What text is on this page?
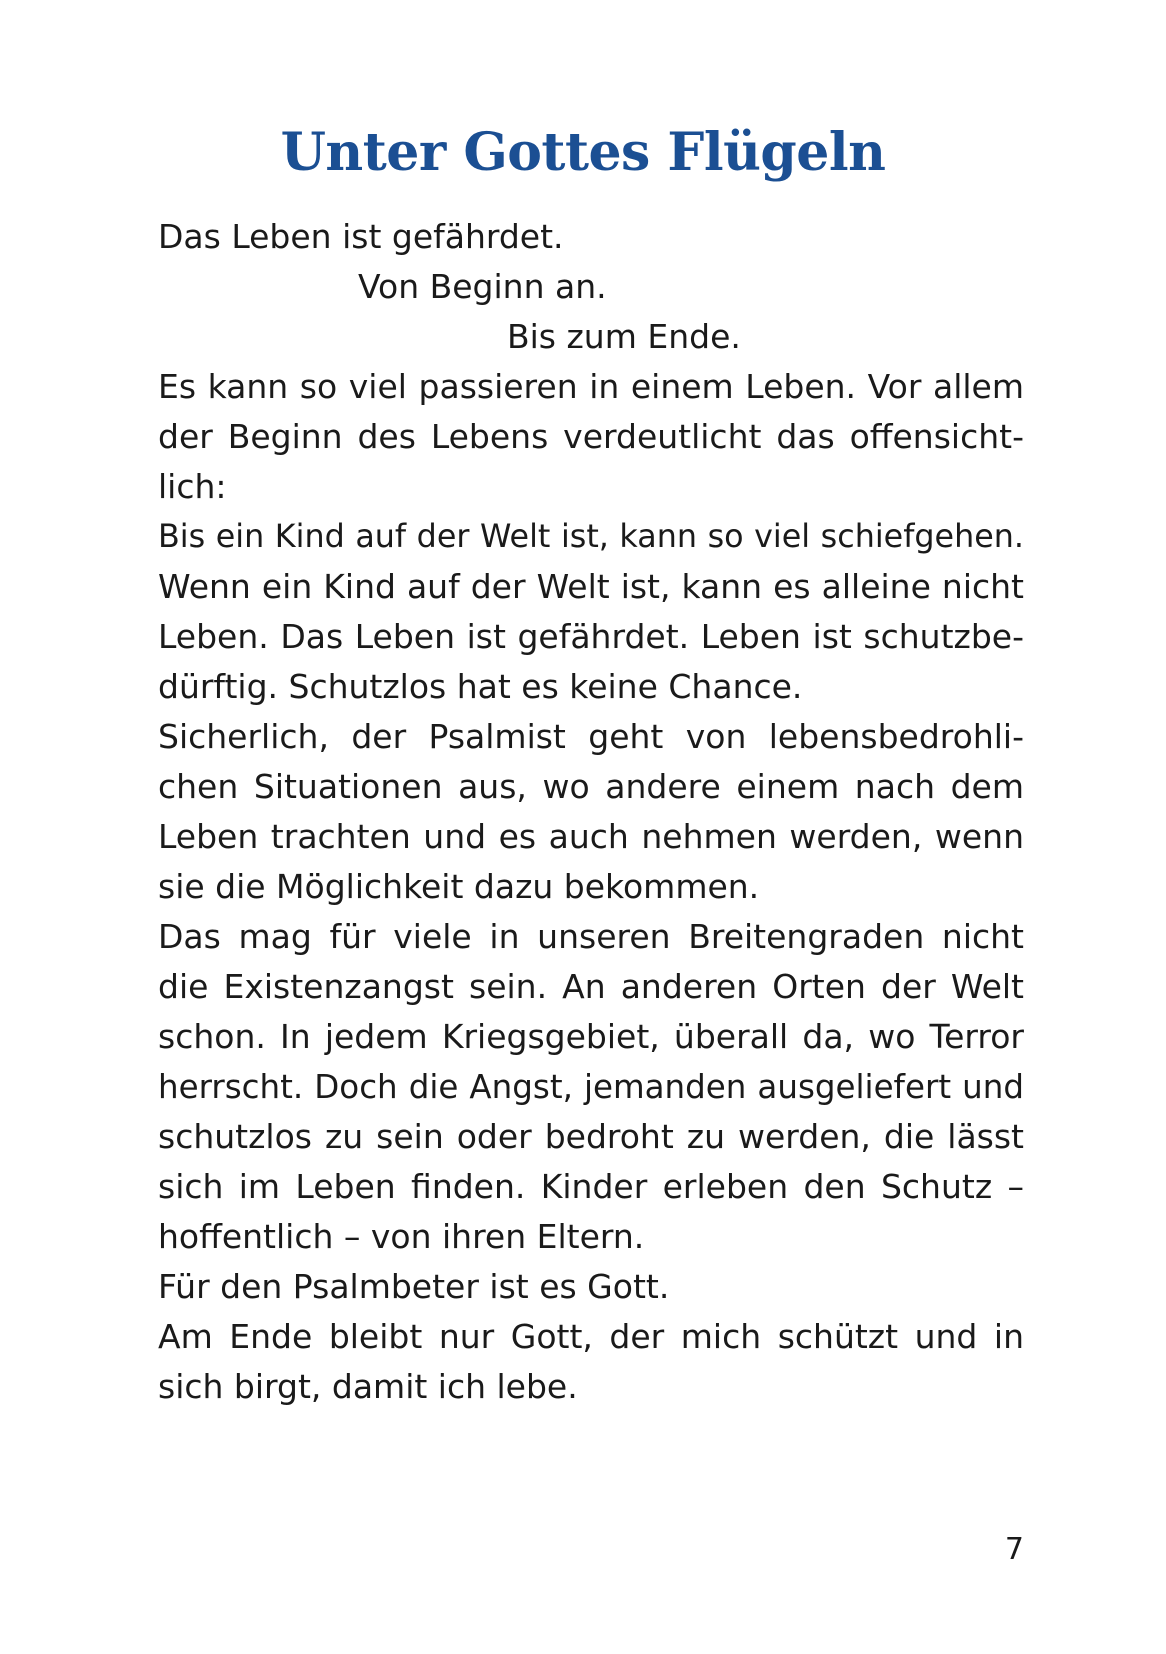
Unter Gottes Flügeln
Das Leben ist gefährdet.
Von Beginn an.
Bis zum Ende.
Es kann so viel passieren in einem Leben. Vor allem
der Beginn des Lebens verdeutlicht das offensicht-
lich:
Bis ein Kind auf der Welt ist, kann so viel schiefgehen.
Wenn ein Kind auf der Welt ist, kann es alleine nicht
Leben. Das Leben ist gefährdet. Leben ist schutzbe-
dürftig. Schutzlos hat es keine Chance.
Sicherlich, der Psalmist geht von lebensbedrohli-
chen Situationen aus, wo andere einem nach dem
Leben trachten und es auch nehmen werden, wenn
sie die Möglichkeit dazu bekommen.
Das mag für viele in unseren Breitengraden nicht
die Existenzangst sein. An anderen Orten der Welt
schon. In jedem Kriegsgebiet, überall da, wo Terror
herrscht. Doch die Angst, jemanden ausgeliefert und
schutzlos zu sein oder bedroht zu werden, die lässt
sich im Leben finden. Kinder erleben den Schutz –
hoffentlich – von ihren Eltern.
Für den Psalmbeter ist es Gott.
Am Ende bleibt nur Gott, der mich schützt und in
sich birgt, damit ich lebe.
7
